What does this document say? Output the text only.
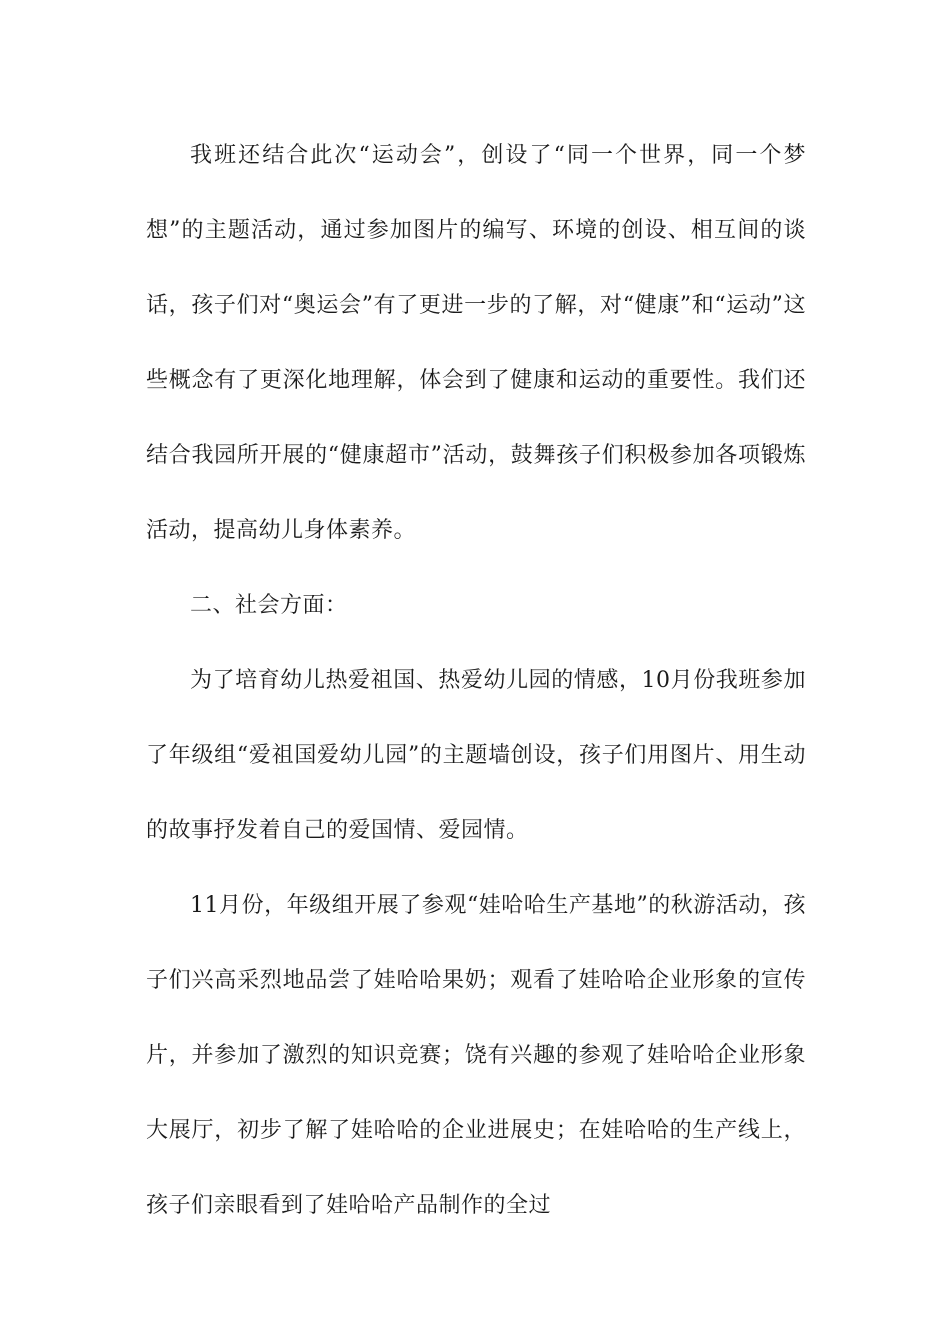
我班还结合此次“运动会”，创设了“同一个世界，同一个梦想”的主题活动，通过参加图片的编写、环境的创设、相互间的谈话，孩子们对“奥运会”有了更进一步的了解，对“健康”和“运动”这些概念有了更深化地理解，体会到了健康和运动的重要性。我们还结合我园所开展的“健康超市”活动，鼓舞孩子们积极参加各项锻炼活动，提高幼儿身体素养。

二、社会方面：

为了培育幼儿热爱祖国、热爱幼儿园的情感，10月份我班参加了年级组“爱祖国爱幼儿园”的主题墙创设，孩子们用图片、用生动的故事抒发着自己的爱国情、爱园情。

11月份，年级组开展了参观“娃哈哈生产基地”的秋游活动，孩子们兴高采烈地品尝了娃哈哈果奶；观看了娃哈哈企业形象的宣传片，并参加了激烈的知识竞赛；饶有兴趣的参观了娃哈哈企业形象大展厅，初步了解了娃哈哈的企业进展史；在娃哈哈的生产线上，孩子们亲眼看到了娃哈哈产品制作的全过
